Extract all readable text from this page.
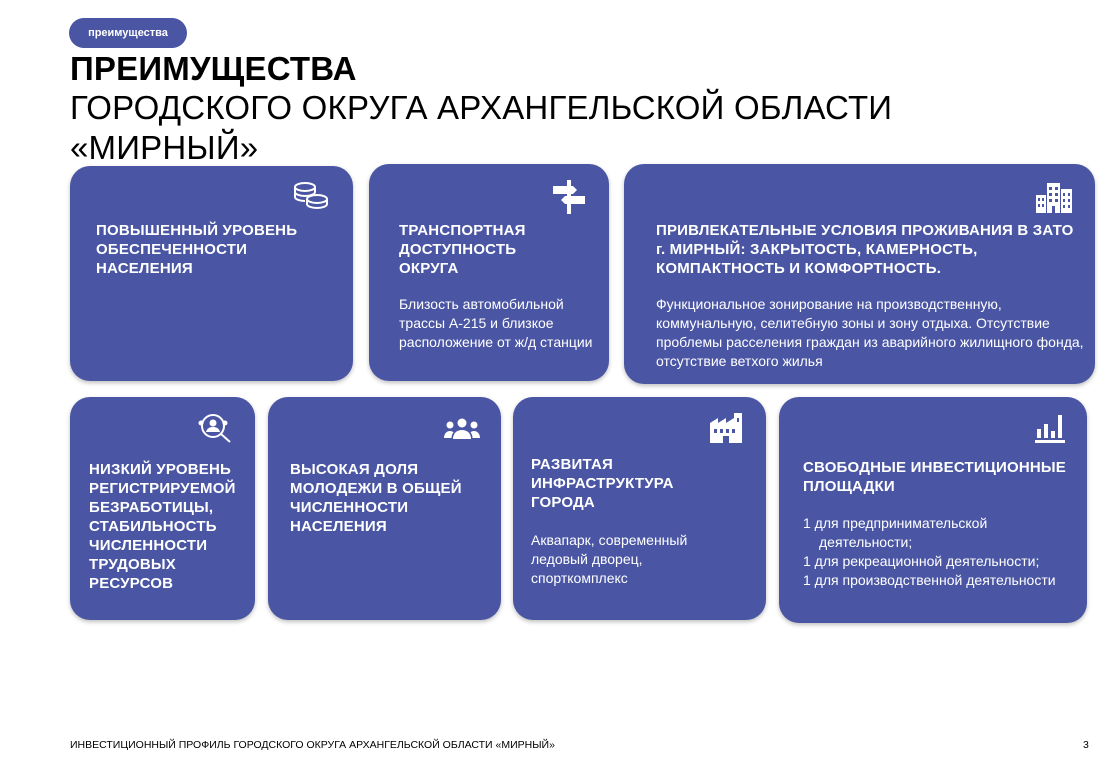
преимущества
ПРЕИМУЩЕСТВА
ГОРОДСКОГО ОКРУГА АРХАНГЕЛЬСКОЙ ОБЛАСТИ
«МИРНЫЙ»
ПОВЫШЕННЫЙ УРОВЕНЬ ОБЕСПЕЧЕННОСТИ НАСЕЛЕНИЯ
ТРАНСПОРТНАЯ ДОСТУПНОСТЬ ОКРУГА
Близость автомобильной трассы А-215 и близкое расположение от ж/д станции
ПРИВЛЕКАТЕЛЬНЫЕ УСЛОВИЯ ПРОЖИВАНИЯ В ЗАТО г. МИРНЫЙ: ЗАКРЫТОСТЬ, КАМЕРНОСТЬ, КОМПАКТНОСТЬ И КОМФОРТНОСТЬ.
Функциональное зонирование на производственную, коммунальную, селитебную зоны и зону отдыха. Отсутствие проблемы расселения граждан из аварийного жилищного фонда, отсутствие ветхого жилья
НИЗКИЙ УРОВЕНЬ РЕГИСТРИРУЕМОЙ БЕЗРАБОТИЦЫ, СТАБИЛЬНОСТЬ ЧИСЛЕННОСТИ ТРУДОВЫХ РЕСУРСОВ
ВЫСОКАЯ ДОЛЯ МОЛОДЕЖИ В ОБЩЕЙ ЧИСЛЕННОСТИ НАСЕЛЕНИЯ
РАЗВИТАЯ ИНФРАСТРУКТУРА ГОРОДА
Аквапарк, современный ледовый дворец, спорткомплекс
СВОБОДНЫЕ ИНВЕСТИЦИОННЫЕ ПЛОЩАДКИ
1 для предпринимательской деятельности;
1 для рекреационной деятельности;
1 для производственной деятельности
ИНВЕСТИЦИОННЫЙ ПРОФИЛЬ ГОРОДСКОГО ОКРУГА АРХАНГЕЛЬСКОЙ ОБЛАСТИ «МИРНЫЙ»	3
